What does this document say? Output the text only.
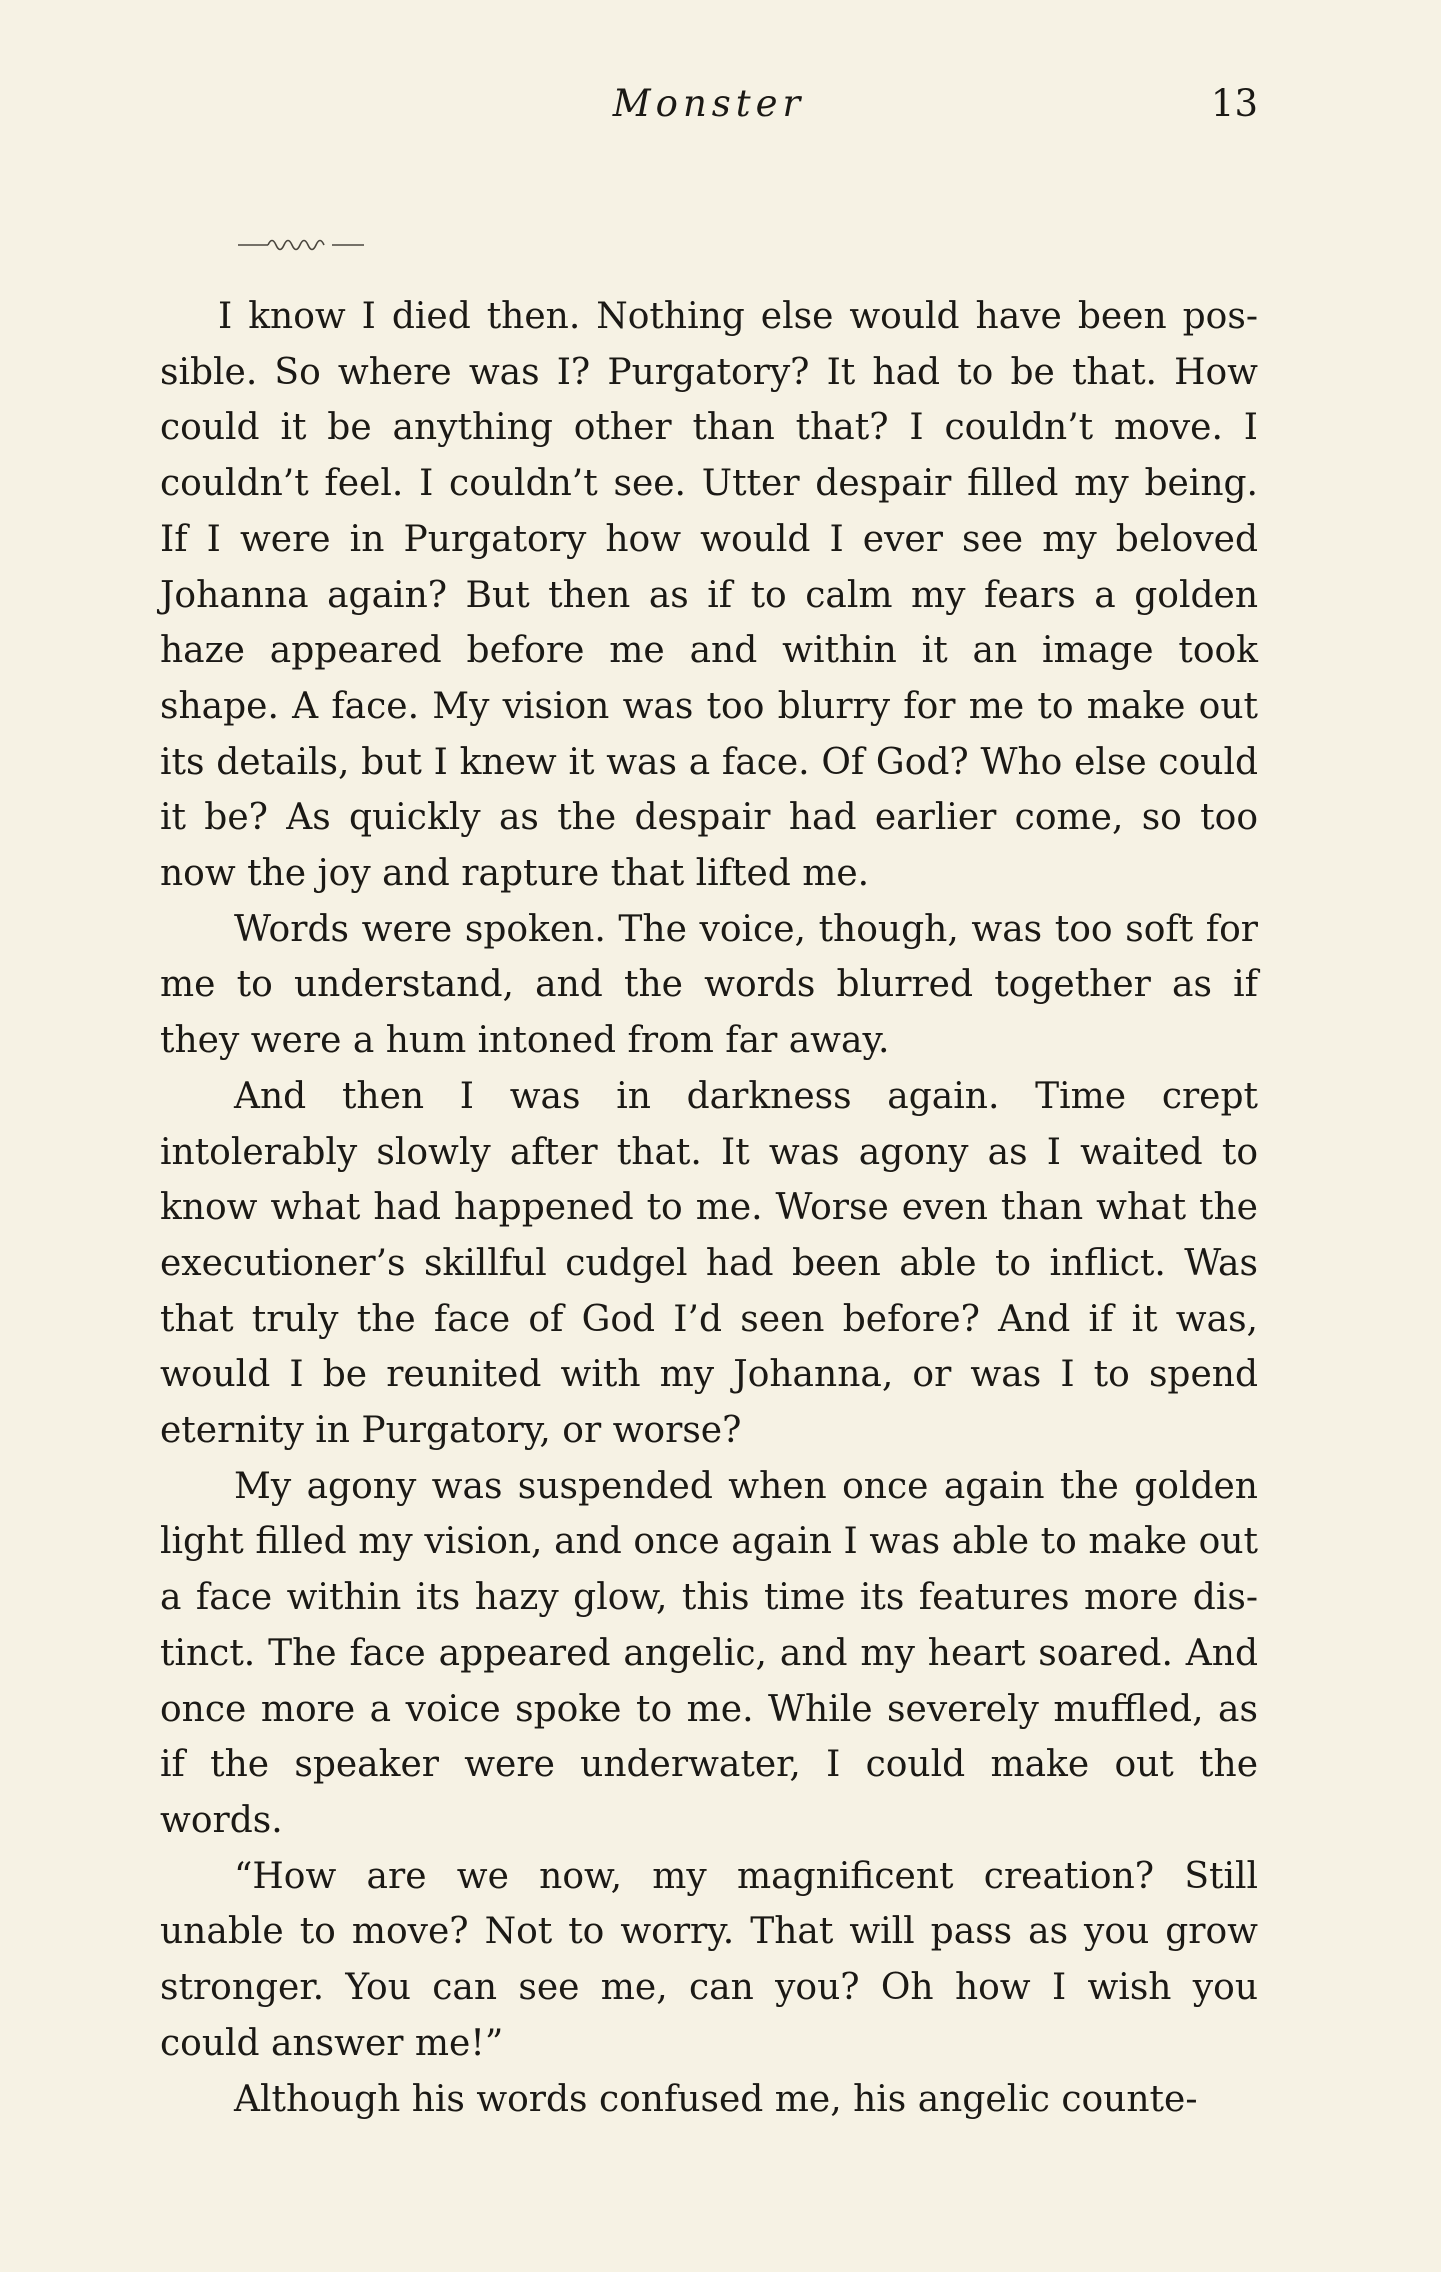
Monster	13

I know I died then. Nothing else would have been possible. So where was I? Purgatory? It had to be that. How could it be anything other than that? I couldn’t move. I couldn’t feel. I couldn’t see. Utter despair filled my being. If I were in Purgatory how would I ever see my beloved Johanna again? But then as if to calm my fears a golden haze appeared before me and within it an image took shape. A face. My vision was too blurry for me to make out its details, but I knew it was a face. Of God? Who else could it be? As quickly as the despair had earlier come, so too now the joy and rapture that lifted me.

Words were spoken. The voice, though, was too soft for me to understand, and the words blurred together as if they were a hum intoned from far away.

And then I was in darkness again. Time crept intolerably slowly after that. It was agony as I waited to know what had happened to me. Worse even than what the executioner’s skillful cudgel had been able to inflict. Was that truly the face of God I’d seen before? And if it was, would I be reunited with my Johanna, or was I to spend eternity in Purgatory, or worse?

My agony was suspended when once again the golden light filled my vision, and once again I was able to make out a face within its hazy glow, this time its features more distinct. The face appeared angelic, and my heart soared. And once more a voice spoke to me. While severely muffled, as if the speaker were underwater, I could make out the words.

“How are we now, my magnificent creation? Still unable to move? Not to worry. That will pass as you grow stronger. You can see me, can you? Oh how I wish you could answer me!”

Although his words confused me, his angelic counte-
